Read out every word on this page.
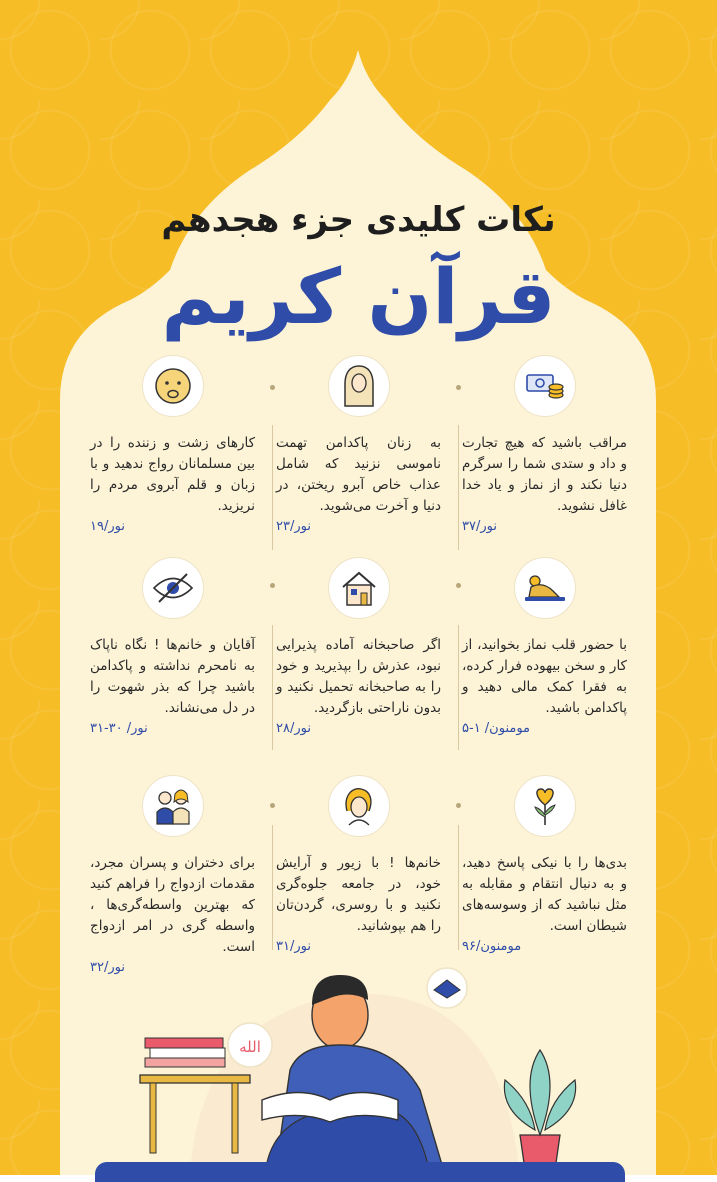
نکات کلیدی جزء هجدهم
قرآن کریم
مراقب باشید که هیچ تجارت و داد و ستدی شما را سرگرم دنیا نکند و از نماز و یاد خدا غافل نشوید.
نور/۳۷
به زنان پاکدامن تهمت ناموسی نزنید که شامل عذاب خاص آبرو ریختن، در دنیا و آخرت می‌شوید.
نور/۲۳
کارهای زشت و زننده را در بین مسلمانان رواج ندهید و با زبان و قلم آبروی مردم را نریزید.
نور/۱۹
با حضور قلب نماز بخوانید، از کار و سخن بیهوده فرار کرده، به فقرا کمک مالی دهید و پاکدامن باشید.
مومنون/ ۱-۵
اگر صاحبخانه آماده پذیرایی نبود، عذرش را بپذیرید و خود را به صاحبخانه تحمیل نکنید و بدون ناراحتی بازگردید.
نور/۲۸
آقایان و خانم‌ها ! نگاه ناپاک به نامحرم نداشته و پاکدامن باشید چرا که بذر شهوت را در دل می‌نشاند.
نور/ ۳۰-۳۱
بدی‌ها را با نیکی پاسخ دهید، و به دنبال انتقام و مقابله به مثل نباشید که از وسوسه‌های شیطان است.
مومنون/۹۶
خانم‌ها ! با زیور و آرایش خود، در جامعه جلوه‌گری نکنید و با روسری، گردن‌تان را هم بپوشانید.
نور/۳۱
برای دختران و پسران مجرد، مقدمات ازدواج را فراهم کنید که بهترین واسطه‌گری‌ها ، واسطه گری در امر ازدواج است.
نور/۳۲
الله
